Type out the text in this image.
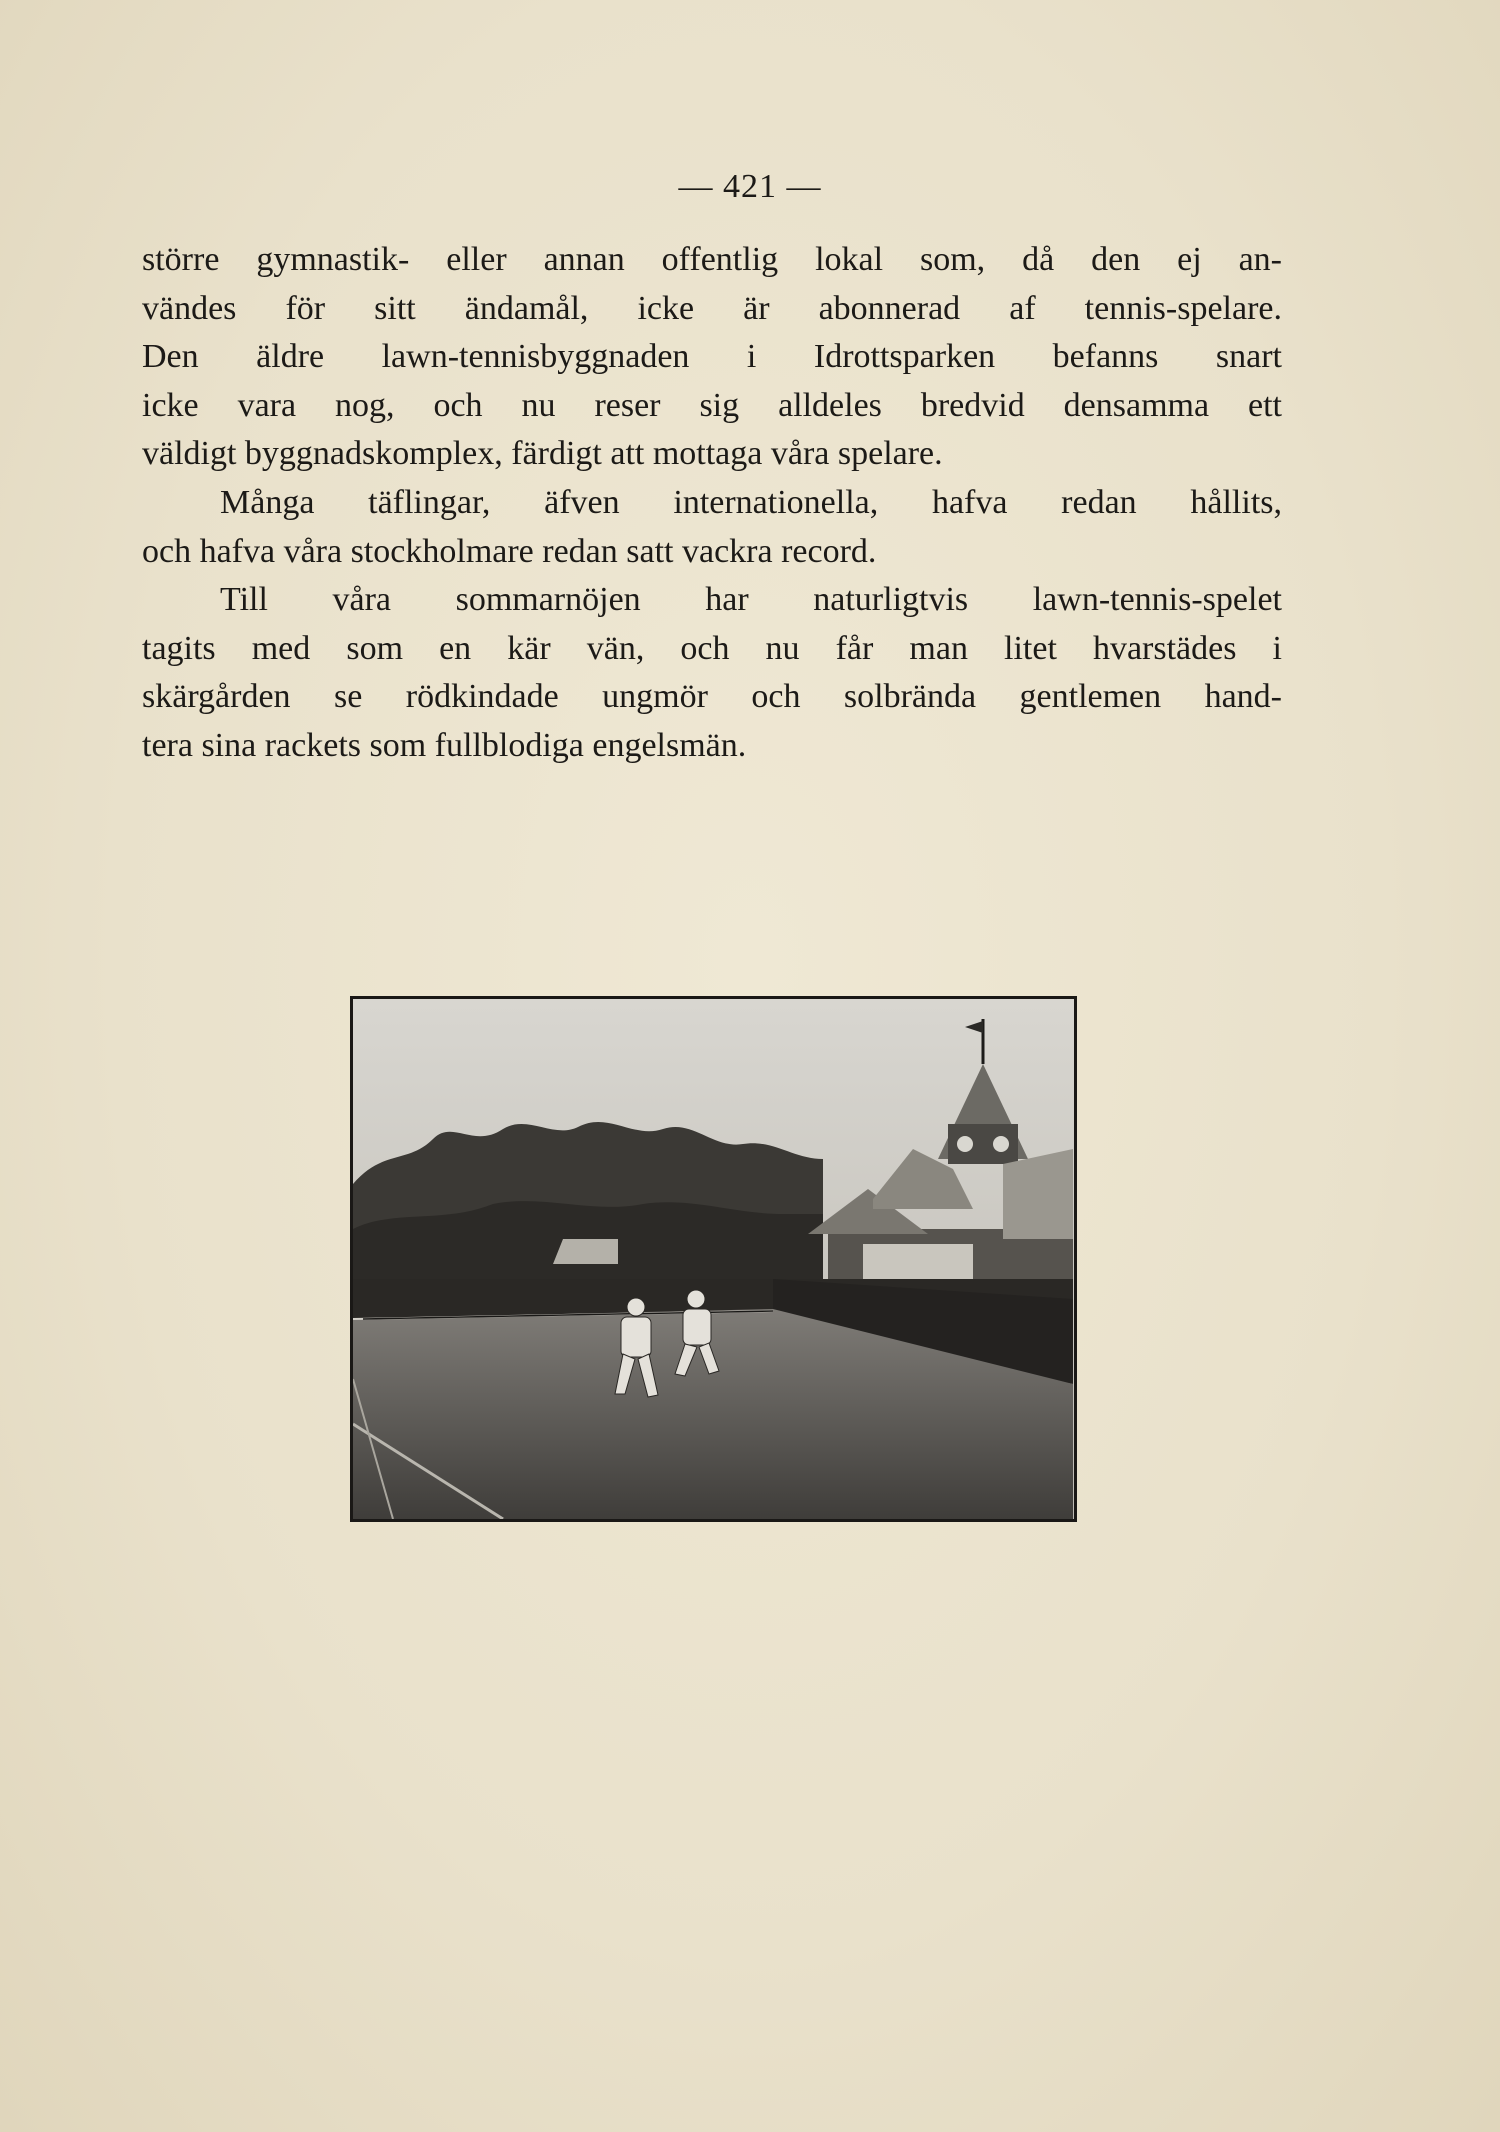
— 421 —
större gymnastik- eller annan offentlig lokal som, då den ej an-
vändes för sitt ändamål, icke är abonnerad af tennis-spelare.
Den äldre lawn-tennisbyggnaden i Idrottsparken befanns snart
icke vara nog, och nu reser sig alldeles bredvid densamma ett
väldigt byggnadskomplex, färdigt att mottaga våra spelare.
Många täflingar, äfven internationella, hafva redan hållits,
och hafva våra stockholmare redan satt vackra record.
Till våra sommarnöjen har naturligtvis lawn-tennis-spelet
tagits med som en kär vän, och nu får man litet hvarstädes i
skärgården se rödkindade ungmör och solbrända gentlemen hand-
tera sina rackets som fullblodiga engelsmän.
